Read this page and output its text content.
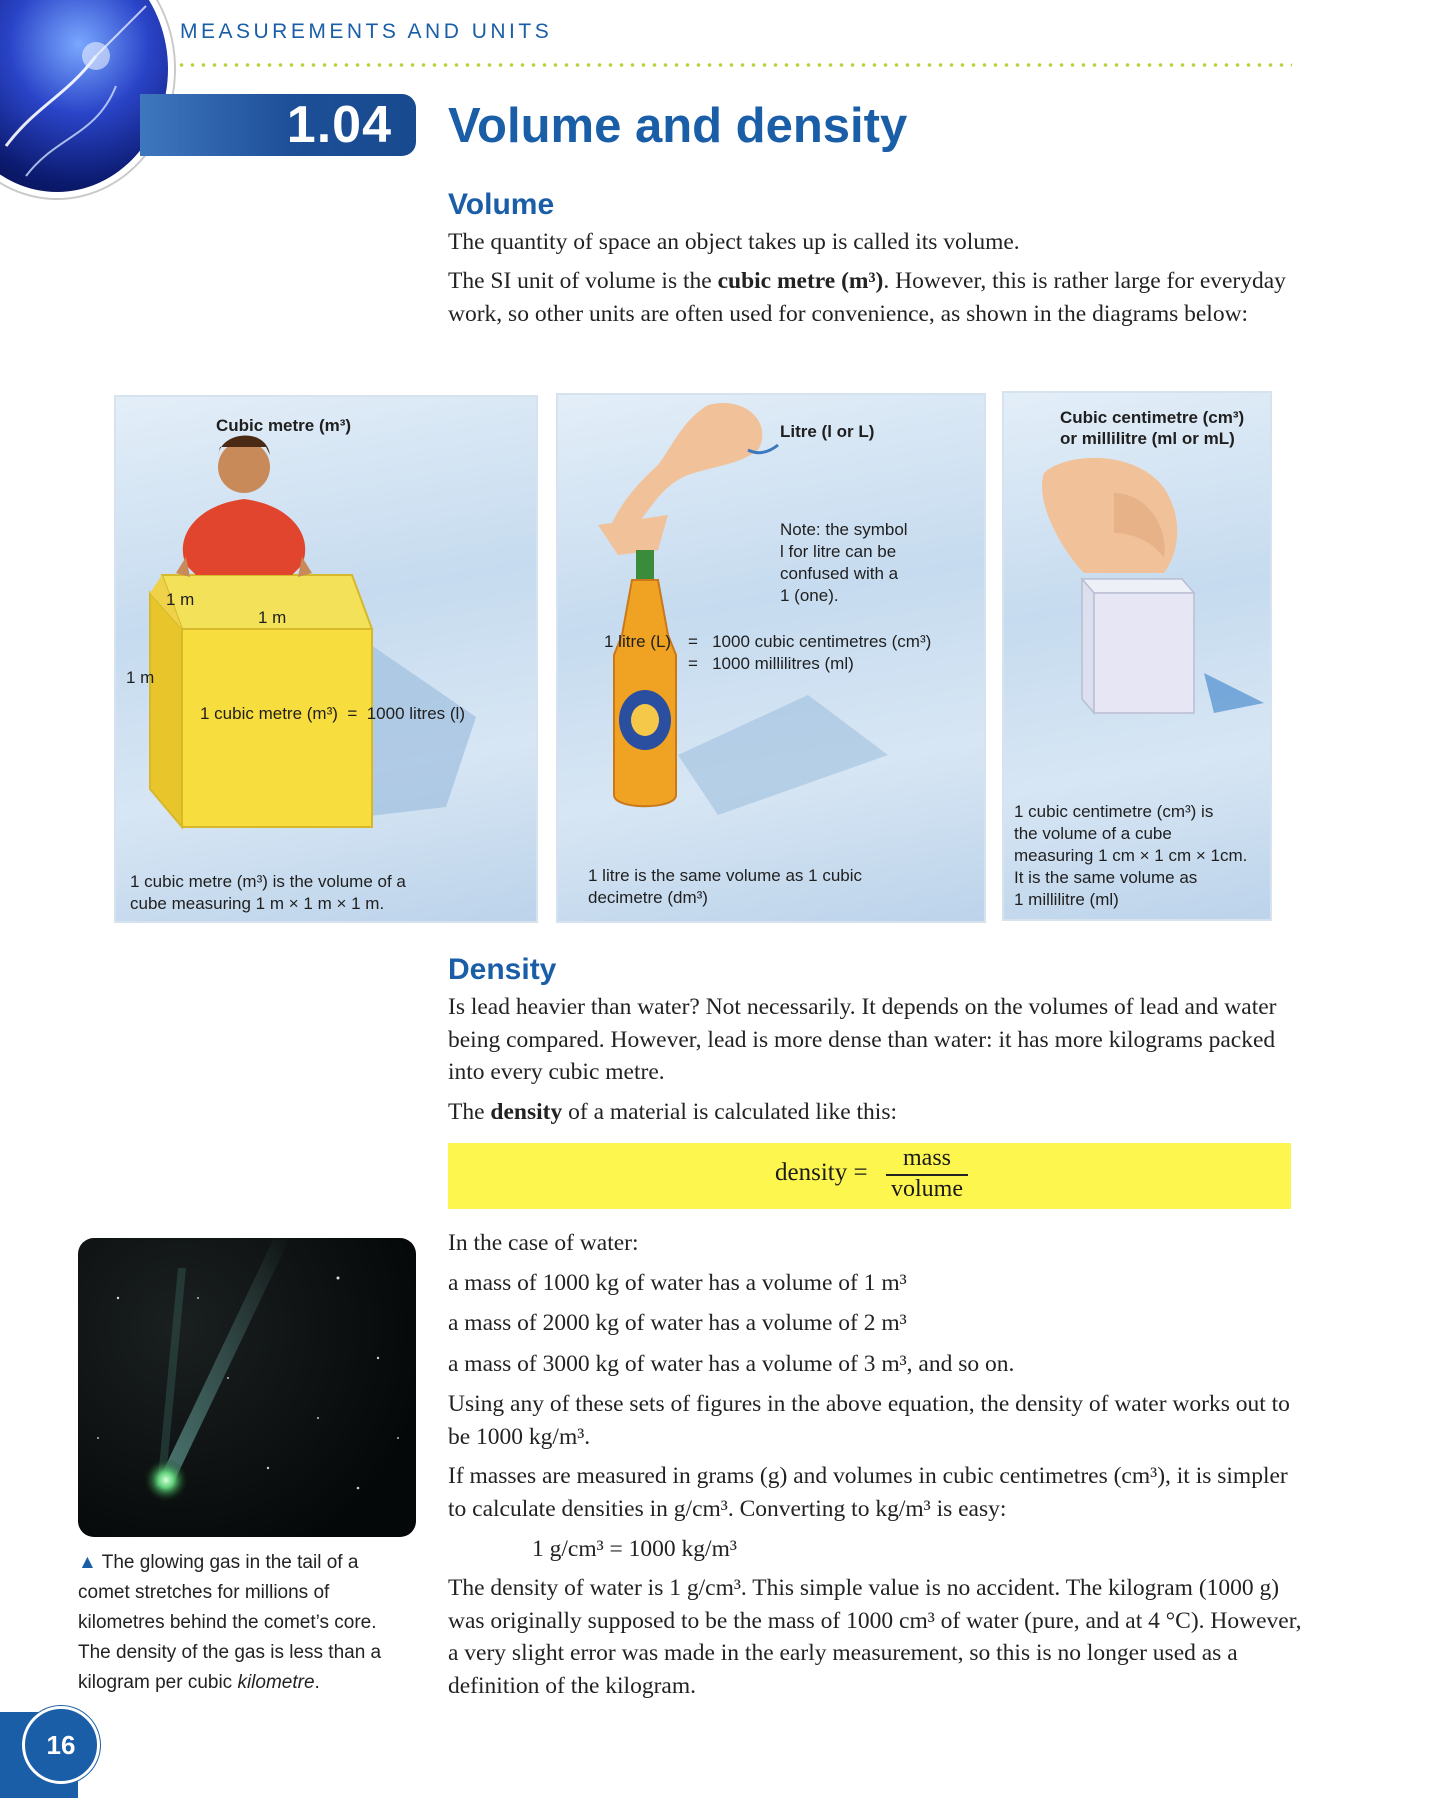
MEASUREMENTS AND UNITS
1.04	Volume and density
Volume
The quantity of space an object takes up is called its volume.
The SI unit of volume is the cubic metre (m³). However, this is rather large for everyday work, so other units are often used for convenience, as shown in the diagrams below:
Cubic metre (m³)
1 m
1 m
1 m
1 cubic metre (m³)  =  1000 litres (l)
1 cubic metre (m³) is the volume of a
cube measuring 1 m × 1 m × 1 m.
Litre (l or L)
Note: the symbol
l for litre can be
confused with a
1 (one).
1 litre (L) =   1000 cubic centimetres (cm³)
=   1000 millilitres (ml)
1 litre is the same volume as 1 cubic
decimetre (dm³)
Cubic centimetre (cm³)
or millilitre (ml or mL)
1 cubic centimetre (cm³) is
the volume of a cube
measuring 1 cm × 1 cm × 1cm.
It is the same volume as
1 millilitre (ml)
Density
Is lead heavier than water? Not necessarily. It depends on the volumes of lead and water being compared. However, lead is more dense than water: it has more kilograms packed into every cubic metre.
The density of a material is calculated like this:
density =
mass
volume
In the case of water:
a mass of 1000 kg of water has a volume of 1 m³
a mass of 2000 kg of water has a volume of 2 m³
a mass of 3000 kg of water has a volume of 3 m³, and so on.
Using any of these sets of figures in the above equation, the density of water works out to be 1000 kg/m³.
If masses are measured in grams (g) and volumes in cubic centimetres (cm³), it is simpler to calculate densities in g/cm³. Converting to kg/m³ is easy:
1 g/cm³ = 1000 kg/m³
The density of water is 1 g/cm³. This simple value is no accident. The kilogram (1000 g) was originally supposed to be the mass of 1000 cm³ of water (pure, and at 4 °C). However, a very slight error was made in the early measurement, so this is no longer used as a definition of the kilogram.
▲ The glowing gas in the tail of a comet stretches for millions of kilometres behind the comet’s core. The density of the gas is less than a kilogram per cubic kilometre.
16
